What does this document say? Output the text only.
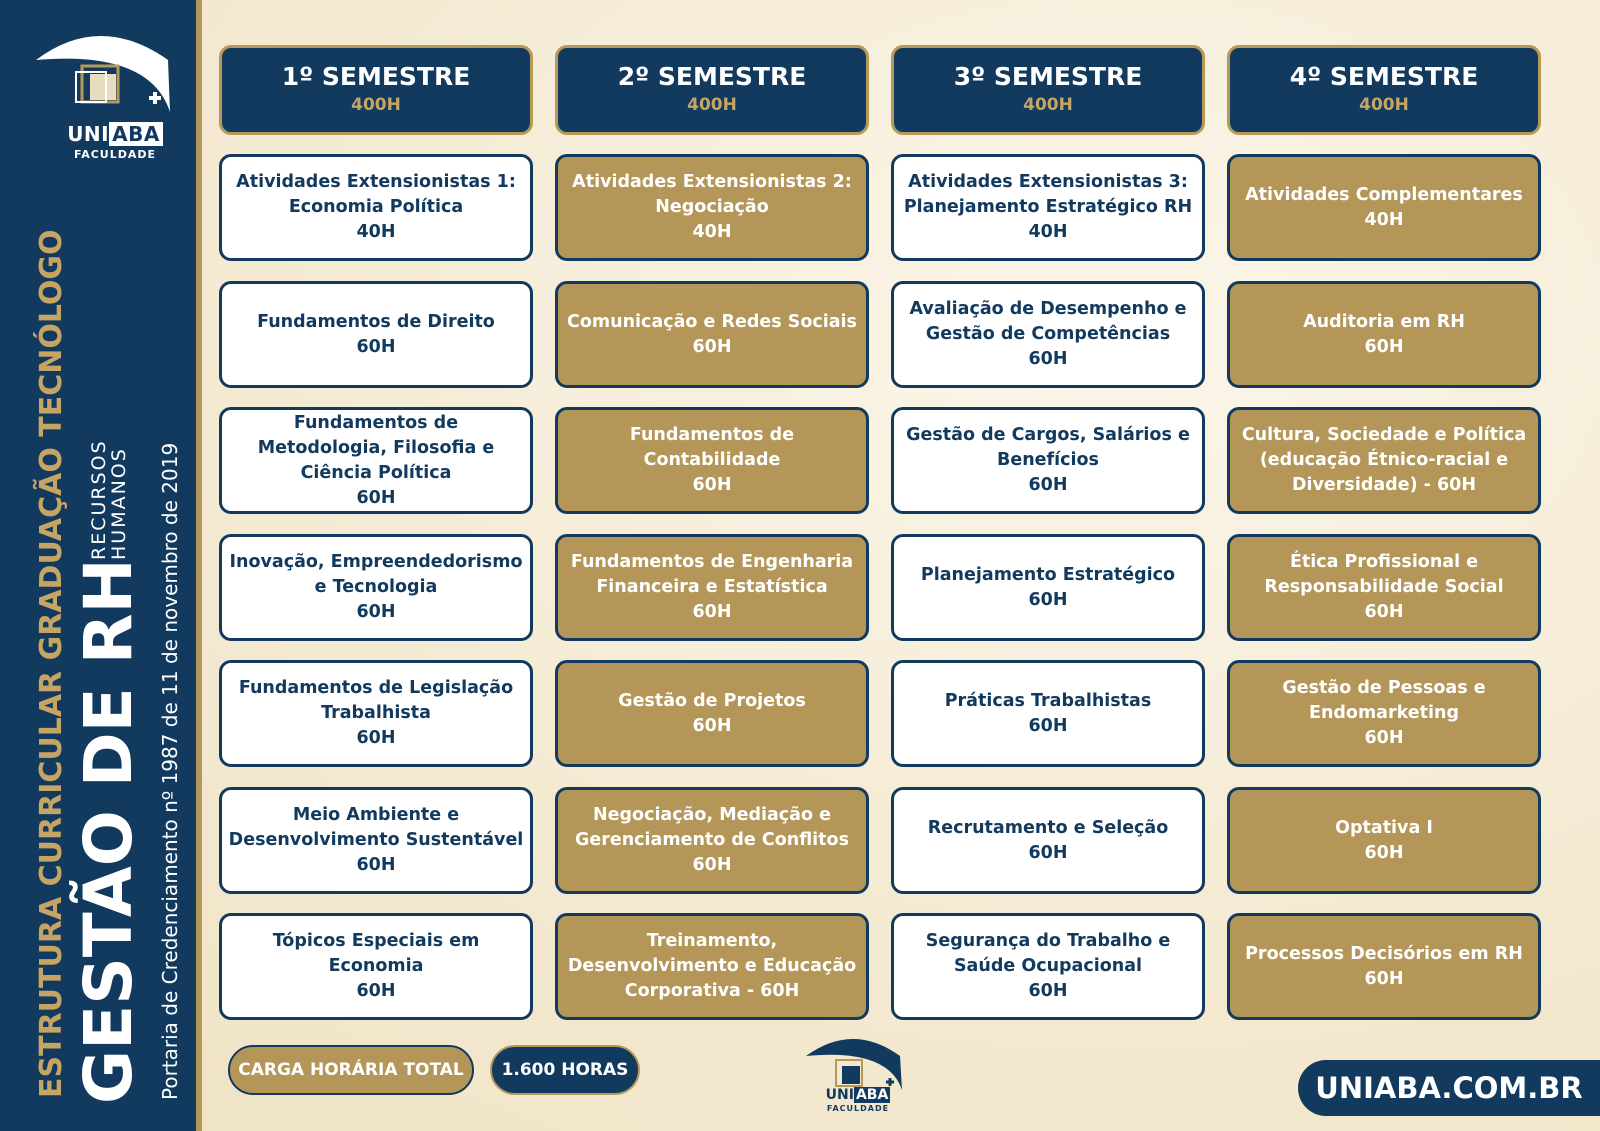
UNI ABA
FACULDADE
ESTRUTURA CURRICULAR GRADUAÇÃO TECNÓLOGO GESTÃO DE RH
RECURSOS
HUMANOS Portaria de Credenciamento nº 1987 de 11 de novembro de 2019
1º SEMESTRE
400H
2º SEMESTRE
400H
3º SEMESTRE
400H
4º SEMESTRE
400H
Atividades Extensionistas 1: Economia Política
40H
Fundamentos de Direito
60H
Fundamentos de Metodologia, Filosofia e Ciência Política
60H
Inovação, Empreendedorismo e Tecnologia
60H
Fundamentos de Legislação Trabalhista
60H
Meio Ambiente e Desenvolvimento Sustentável
60H
Tópicos Especiais em Economia
60H
Atividades Extensionistas 2: Negociação
40H
Comunicação e Redes Sociais
60H
Fundamentos de Contabilidade
60H
Fundamentos de Engenharia Financeira e Estatística
60H
Gestão de Projetos
60H
Negociação, Mediação e Gerenciamento de Conflitos
60H
Treinamento, Desenvolvimento e Educação Corporativa - 60H
Atividades Extensionistas 3: Planejamento Estratégico RH
40H
Avaliação de Desempenho e Gestão de Competências
60H
Gestão de Cargos, Salários e Benefícios
60H
Planejamento Estratégico
60H
Práticas Trabalhistas
60H
Recrutamento e Seleção
60H
Segurança do Trabalho e Saúde Ocupacional
60H
Atividades Complementares
40H
Auditoria em RH
60H
Cultura, Sociedade e Política (educação Étnico-racial e Diversidade) - 60H
Ética Profissional e Responsabilidade Social
60H
Gestão de Pessoas e Endomarketing
60H
Optativa I
60H
Processos Decisórios em RH
60H
CARGA HORÁRIA TOTAL	1.600 HORAS
UNI ABA
FACULDADE
UNIABA.COM.BR
